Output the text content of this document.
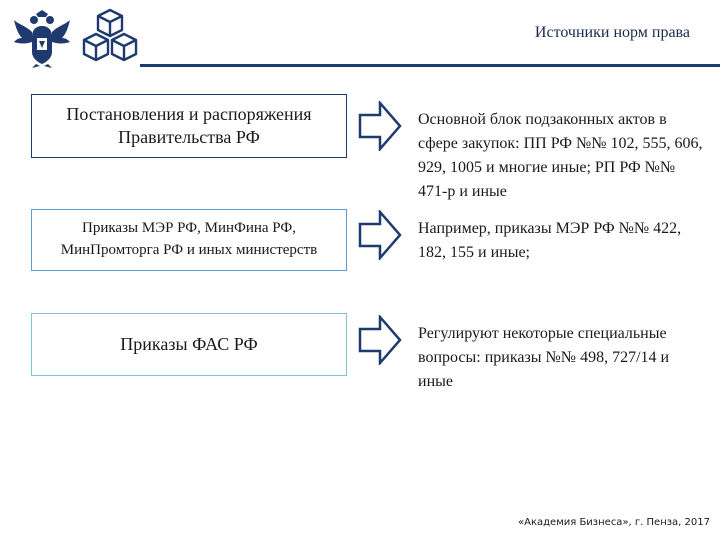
Источники норм права
Постановления и распоряжения Правительства РФ
Приказы МЭР РФ, МинФина РФ, МинПромторга РФ и иных министерств
Приказы ФАС РФ
Основной блок подзаконных актов в сфере закупок: ПП РФ №№ 102, 555, 606, 929, 1005 и многие иные; РП РФ №№ 471-р и иные
Например, приказы МЭР РФ №№ 422, 182, 155 и иные;
Регулируют некоторые специальные вопросы: приказы №№ 498, 727/14 и иные
«Академия Бизнеса», г. Пенза, 2017
